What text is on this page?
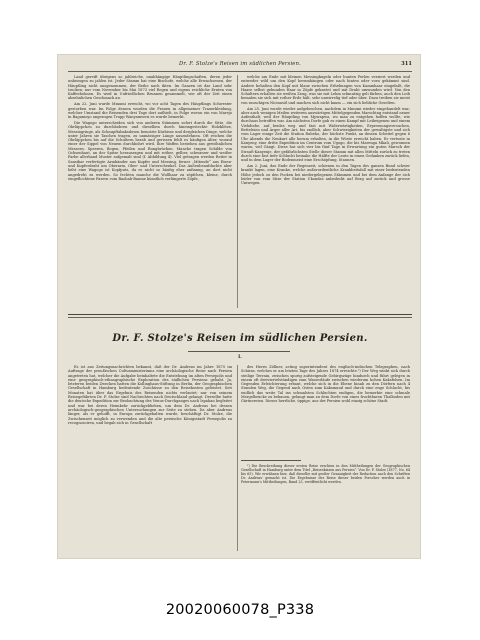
Dr. F. Stolze's Reisen im südlichen Persien.	311

Land gereift übrigens so jahlreiche, unabhängige Häuptlingschaften, deren jeder unbezogen zu jahlen ist. Jeder Stamm hat eine Bischofe, welche alle Erwachsenen, der Häuptling nicht ausgenommen, der Reihe nach ikten. Im Ganzen ist das Land sehr trocken; nur vom November bis Mai 1873 viel Regen und eigens reichliche Ernten von Kaffeebohnen. Es wird in Unfriedlichen Brunnen gesammelt, wie oft der Zeit einen absehnlichen Geschmack an.

Am 22. Juni wurde Mmumi erreicht, wo vor acht Tagen des Häuptlings Schwester gestorben war. Im Folge dessen wurden die Frauen in allgemeiner Trauerkleidung, welcher Umstand die Reisenden drei Tage dort aufhielt, in Folge wovon ein von Marejo in Bagamoyo angezogen Trupp Wanyamwezi es wurde bemerkt.

Die Wagogo unterscheiden sich von anderen Stämmen sofort durch die Sitte, die Ohrläppchen zu durchbohren und dieselben durch hineingesteckte Holzklötze, Messingringe, als Schnupftabaksdosen benutzte Kürbisse und dergleichen Dinge, welche unter Jahren sie Taschen tragen, zu unmässiger Länge auszudehnen. Oft reichen die Ohrläppchen bis auf die Schultern herab und gerissen fehlt es häufigen Alter, worauf einer der Sippel von Neuem durchbohrt wird. Ihre Waffen bestehen aus gewöhnlichen Messern, Speeren, Bogen, Pfeilen und Rungbrüchen. Manche tragen Schilde von Ochsenhaut, an der Spitze herausragen und mit rother, gelber, schwarzer und weißer Farbe allerhand Muster aufgemalt sind (f. Abbildung 4). Viel getragen werden Reiter in Sansibar verfertigte Armbänder aus Kupfer und Messing, ferner „Mitende“ aus Eisen- und Kupferdraht um Oberarm, Ober- und Unterschenkel. Das Außenbeaufdachte aber leiht eine Wagogo ist Kopfputz, da es nicht so häufig eher anfianng, an dort nicht angedreht zu werden. So fechten manche die Wollhaar zu zöpfchen, kleine, durch eingeflochtene Fasern vom Baobab-Baume künstlich verlängerte Zöpfe,

welche am Ende mit kleinen Messingkugeln oder bunten Perlen verziert werden und entweder wild um den Kopf herumhängen oder nach hinten oder vorn gekämmt sind. Andere behalten den Kopf mit blaue zwischen Erhebungen von Kammhaar eingefaßt, die Haare selbst gebunden Haar in Zöpfe geknetet und mit Draht umwunden wird. Von den Schultern erhalten sie weißen Zeug, was sie mit Lehm schmutzig geli färben; auch den Leib bemalen sie sich mit rother Erde hält, sehr unwirrelig tief oder über. Dazu treiben sie meist von rauschigen Nicinusöl und machen sich nicht kaum — ein sich liebliche Geselten.

Am 25. Juni wurde wieder aufgebrochen, nachdem in Mmumi wieder eingehandelt war; aber auch wenigen Meilen weiteren auswärtigen Mittelgegenden Marschtag entstand neuer Aufenthalt, weil der Häuptling von Mpwapwa, wo man zu entgehen hoffen wollte, wie durchaus betroffen war. Am nächsten Dorfe gab es einen Kampf mit Leibeigenen und einem Viehdiebe, auf beides weg und fast mit Widerwärtigkeiten, Erpressungsversuchen, Betteleien und Ärger aller Art, bis endlich, aber Schwierigkeiten der gewaltigste und sich vom Lager einige Zeit die Station Rubeho, der höchste Punkt, an dessen Scheitel gegen 6 Uhr Abends die Neukurt alle herum erhalten, in die Wüste erreicht haben. Er vertuste in Kanyeny, eine dritte Expedition im Centrum vom Ugogo, die bis Marenga Mkali, gewonnen waren, viel Gängt. Diese hat sich vier bis fünf Tage in Erwartung ein guten Marsch der Strauß-Kanyenje, der gefährlichsten Stelle dieser Stamm mit allen Mitteln zurück zu treten durch eine fast tiefe Schlucht beinahe die Hälfte der Leute in einen Gedanken zurück liefen, und in dem Lager der Bodenmeist eine Erschöpfung, Staunen.

Am 2. Juni, das Ende der Regenzeit, schienen in den Tagen des ganzen Bund schwer krankt lagen, eine Kranke, welche außerordentliche Krankheitsfall mit einer bedeutenden Höhe jedoch zu den Pocken bei niedergelegenen Stämmen und bei dem Anfange der sich leider von vom Sitze der Station Ukondas anbedeckt auf Berg auf zurück und grosse Umwegen.

Dr. F. Stolze's Reisen im südlichen Persien.
I.

Es ist aus Zeitungsnachrichten bekannt, daß der Dr. Andreas im Jahre 1875 im Auftrage der preußischen Cultusministeriums eine archäologische Reise nach Persien angetreten hat, welcher die Aufgabe beinhaltete die Entstehung im alten Persepolis und eine geographisch-ethnographische Exploration des südlichen Persiens gehabt. Ja, letzteren beiden Zwecken hatten die Kollinghaus-Stiftung in Berlin, der Geographischen Gesellschaft in Hamburg bedeutende Zuschüsse zu den Reisekosten geleistet. Seit Monaten hat über das Ergebnis des Reisenden nichts verlautet; nur von seinem Reisegefährten Dr. F. Stolze sind Nachrichten nach Deutschland gelangt. Derselbe hatte die deutsche Expedition zur Beobachtung des Venus-Durchganges nach Ispahan begleitet und war bei deren Heimkehr zurückgeblieben, um dem Dr. Andreas bei dessen archäologisch-geographischen Untersuchungen zur Seite zu stehen. Da aber Andreas länger, als er gehofft, in Europa zurückgehalten wurde, beschäftigt Dr. Stolze, die Zwischenzeit möglich zu verwenden und die alte persische Königsstadt Persepolis zu recognosciren, und begab sich in Gesellschaft

des Herrn Zöllner, acting superintendent des englisch-indischen Telegraphen, nach Schiraz, welches er am letzten Tage des Jahres 1874 erreichte.¹) Der Weg winkt sich durch steilige Terrain, zwischen sporig aufsteigende Gebirgszüge hindurch und führt gelegen in einem oft dreiviertelstündigen zum Wasserläufe zwischen wiederum hohen Kaksfelsen. Im Gegenden Erleichterung erbaut, welche sich in die Ebene hinab zu den Dörfern nach 4 Stunden Weg, die Gegend nach Osten zum Kaksmund und durch eine enge Schlucht, bis endlich das weite Tal ins schmalsten Schluchten endigen, die bemerkte eine schmale Mergelbrücke zu bebauen, gelangt man zu dem Dorfe von eines fruchtbaren Thalboden mit Gärtnereien. Dieses herrliche, üppige, aus der Persien wohl einzig schöne Stadt.

¹) Die Beschreibung dieser ersten Reise erschien in den Mittheilungen der Geographischen Gesellschaft in Hamburg unter dem Titel „Reiseskizzen aus Persien“. Von Dr. F. Stolze (1877, No. 64 bis 65). Wir erwähnen hier, daß dieselbe mit großer Genauigkeit der Redaction nach den Schriften Dr. Andreas' gemacht ist. Die Ergebnisse der Reise dieser beiden Forscher werden auch in Petermann's Mittheilungen, Band 23, veröffentlicht werden.

20020060078_P338
